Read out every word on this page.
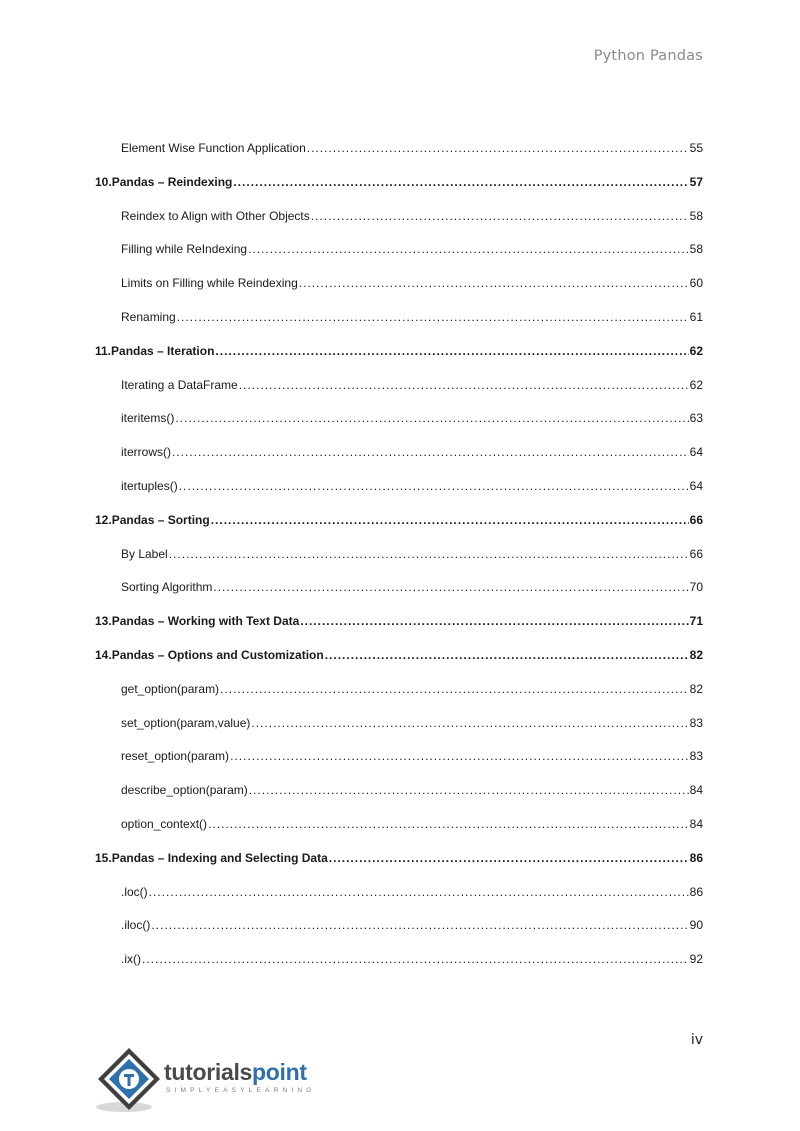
Python Pandas
Element Wise Function Application .....	55
10. Pandas – Reindexing .....	57
Reindex to Align with Other Objects .....	58
Filling while ReIndexing .....	58
Limits on Filling while Reindexing .....	60
Renaming .....	61
11. Pandas – Iteration .....	62
Iterating a DataFrame .....	62
iteritems() .....	63
iterrows() .....	64
itertuples() .....	64
12. Pandas – Sorting .....	66
By Label .....	66
Sorting Algorithm .....	70
13. Pandas – Working with Text Data .....	71
14. Pandas – Options and Customization .....	82
get_option(param) .....	82
set_option(param,value) .....	83
reset_option(param) .....	83
describe_option(param) .....	84
option_context() .....	84
15. Pandas – Indexing and Selecting Data .....	86
.loc() .....	86
.iloc() .....	90
.ix() .....	92
iv
tutorialspoint
SIMPLYEASYLEARNING
